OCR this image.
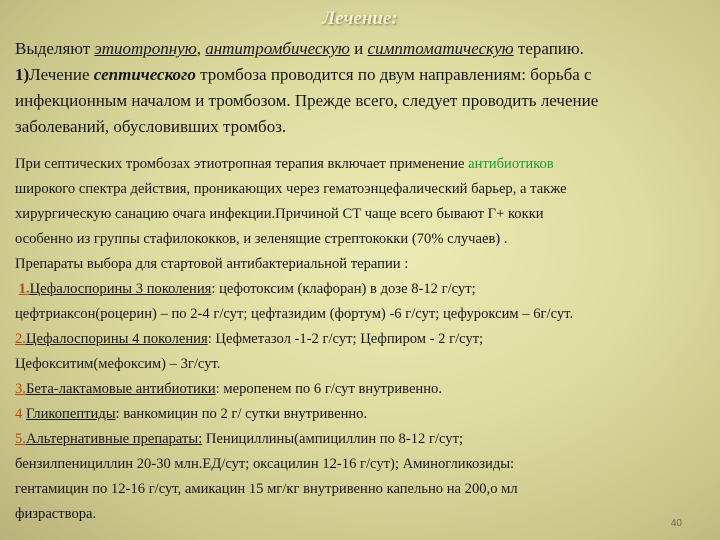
Лечение:
Выделяют этиотропную, антитромбическую и симптоматическую терапию.
1)Лечение септического тромбоза проводится по двум направлениям: борьба с
инфекционным началом и тромбозом. Прежде всего, следует проводить лечение
заболеваний, обусловивших тромбоз.
При септических тромбозах этиотропная терапия включает применение антибиотиков
широкого спектра действия, проникающих через гематоэнцефалический барьер, а также
хирургическую санацию очага инфекции.Причиной СТ чаще всего бывают Г+ кокки
особенно из группы стафилококков, и зеленящие стрептококки (70% случаев) .
Препараты выбора для стартовой антибактериальной терапии :
1.Цефалоспорины 3 поколения: цефотоксим (клафоран) в дозе 8-12 г/сут;
цефтриаксон(роцерин) – по 2-4 г/сут; цефтазидим (фортум) -6 г/сут; цефуроксим – 6г/сут.
2.Цефалоспорины 4 поколения: Цефметазол -1-2 г/сут; Цефпиром - 2 г/сут;
Цефокситим(мефоксим) – 3г/сут.
3.Бета-лактамовые антибиотики: меропенем по 6 г/сут внутривенно.
4 Гликопептиды: ванкомицин по 2 г/ сутки внутривенно.
5.Альтернативные препараты: Пенициллины(ампициллин по 8-12 г/сут;
бензилпенициллин 20-30 млн.ЕД/сут; оксацилин 12-16 г/сут); Аминогликозиды:
гентамицин по 12-16 г/сут, амикацин 15 мг/кг внутривенно капельно на 200,о мл
физраствора.
40
